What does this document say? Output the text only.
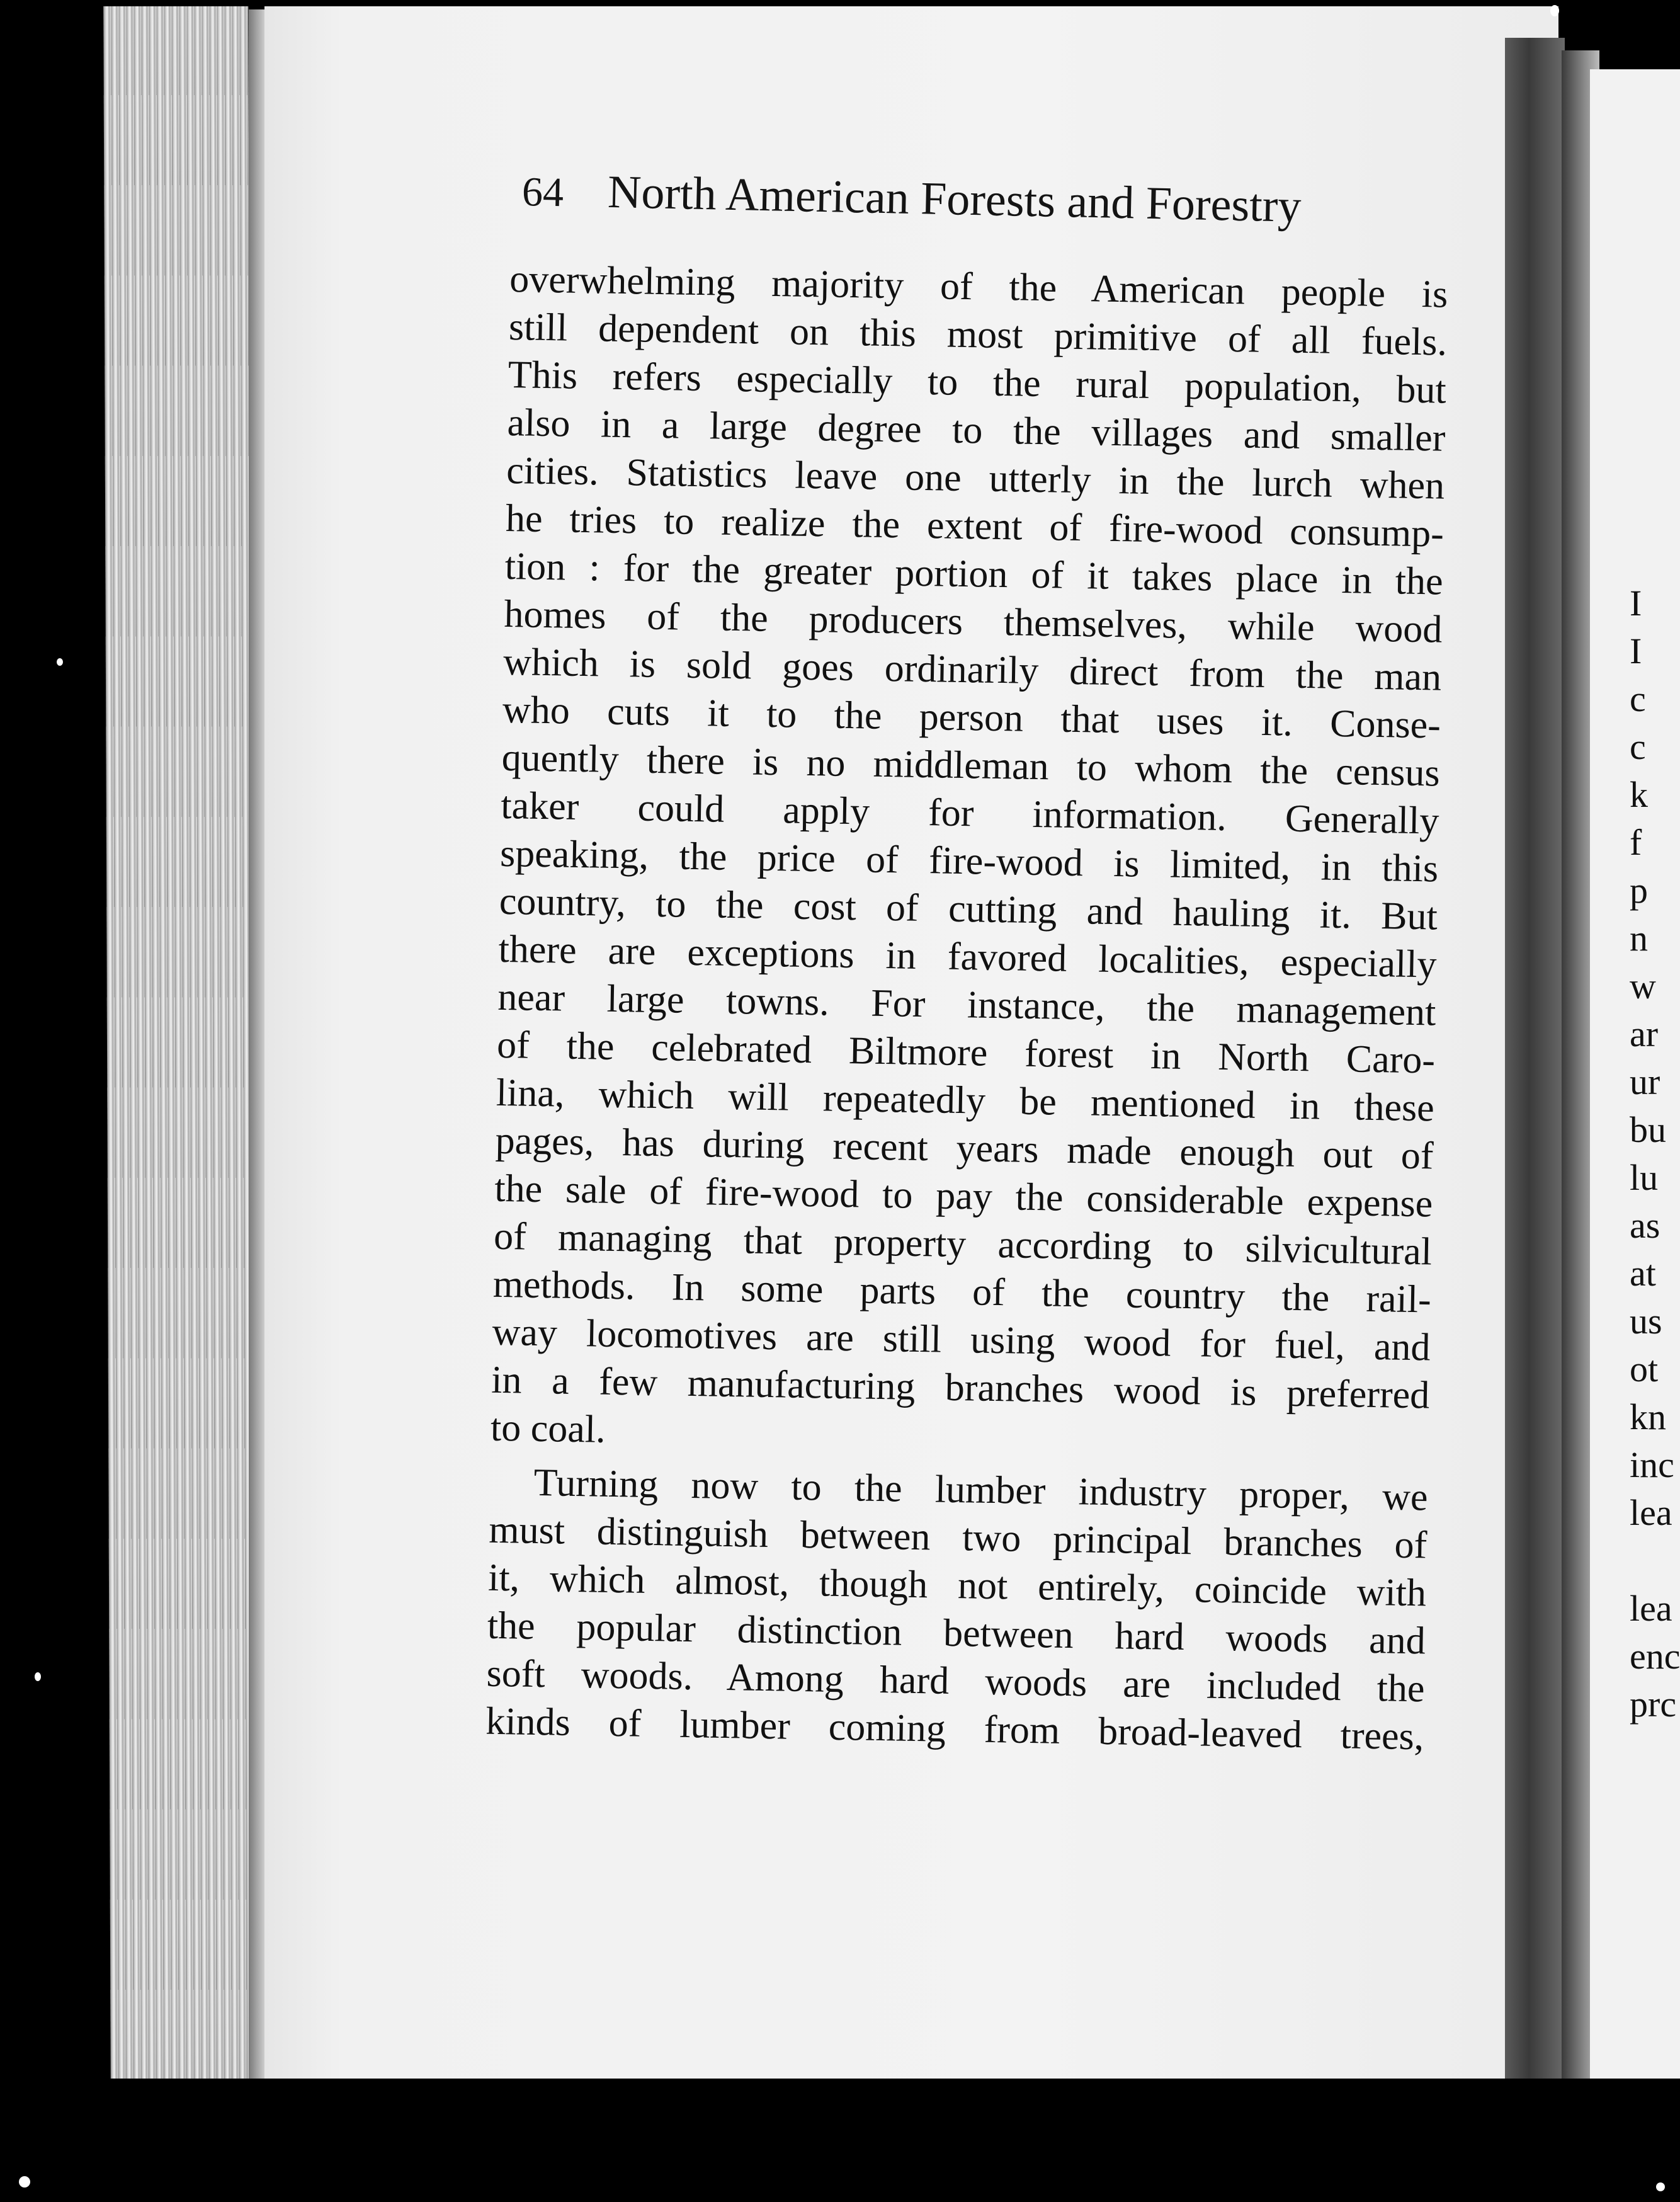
64 North American Forests and Forestry
overwhelming majority of the American people is
still dependent on this most primitive of all fuels.
This refers especially to the rural population, but
also in a large degree to the villages and smaller
cities. Statistics leave one utterly in the lurch when
he tries to realize the extent of fire-wood consump-
tion : for the greater portion of it takes place in the
homes of the producers themselves, while wood
which is sold goes ordinarily direct from the man
who cuts it to the person that uses it. Conse-
quently there is no middleman to whom the census
taker could apply for information. Generally
speaking, the price of fire-wood is limited, in this
country, to the cost of cutting and hauling it. But
there are exceptions in favored localities, especially
near large towns. For instance, the management
of the celebrated Biltmore forest in North Caro-
lina, which will repeatedly be mentioned in these
pages, has during recent years made enough out of
the sale of fire-wood to pay the considerable expense
of managing that property according to silvicultural
methods. In some parts of the country the rail-
way locomotives are still using wood for fuel, and
in a few manufacturing branches wood is preferred
to coal.
Turning now to the lumber industry proper, we
must distinguish between two principal branches of
it, which almost, though not entirely, coincide with
the popular distinction between hard woods and
soft woods. Among hard woods are included the
kinds of lumber coming from broad-leaved trees,
I
I
c
c
k
f
p
n
w
ar
ur
bu
lu
as
at
us
ot
kn
inc
lea
lea
enc
prc
